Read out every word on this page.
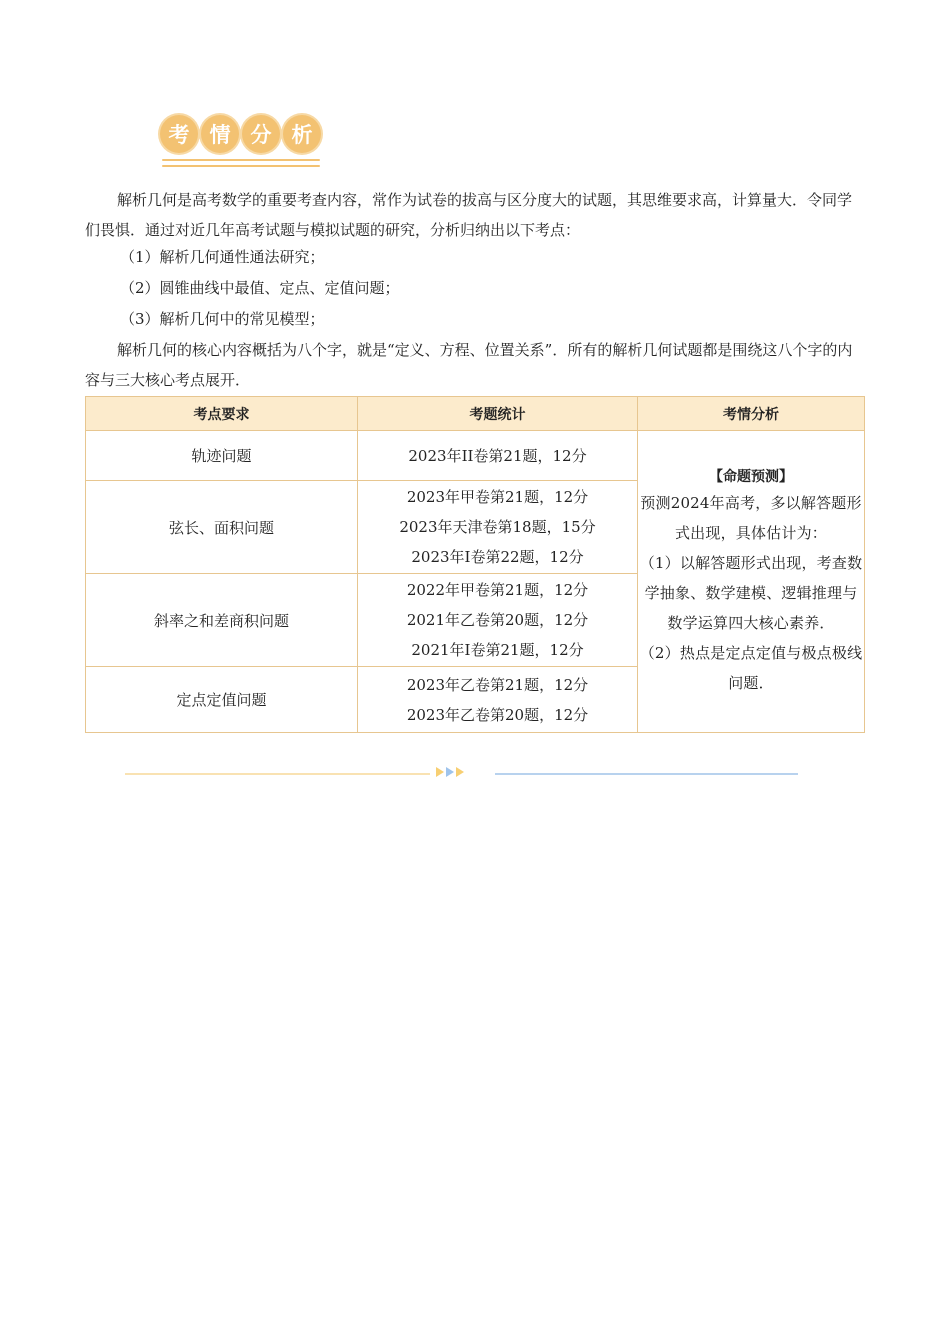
考 情 分 析

解析几何是高考数学的重要考查内容，常作为试卷的拔高与区分度大的试题，其思维要求高，计算量大．令同学们畏惧．通过对近几年高考试题与模拟试题的研究，分析归纳出以下考点：

（1）解析几何通性通法研究；

（2）圆锥曲线中最值、定点、定值问题；

（3）解析几何中的常见模型；

解析几何的核心内容概括为八个字，就是“定义、方程、位置关系”．所有的解析几何试题都是围绕这八个字的内容与三大核心考点展开．

考点要求	考题统计	考情分析
轨迹问题	2023年II卷第21题，12分	【命题预测】
预测2024年高考，多以解答题形式出现，具体估计为：
（1）以解答题形式出现，考查数学抽象、数学建模、逻辑推理与数学运算四大核心素养．
（2）热点是定点定值与极点极线问题．

弦长、面积问题	2023年甲卷第21题，12分
2023年天津卷第18题，15分
2023年I卷第22题，12分	

斜率之和差商积问题	2022年甲卷第21题，12分
2021年乙卷第20题，12分
2021年I卷第21题，12分	

定点定值问题	2023年乙卷第21题，12分
2023年乙卷第20题，12分	
